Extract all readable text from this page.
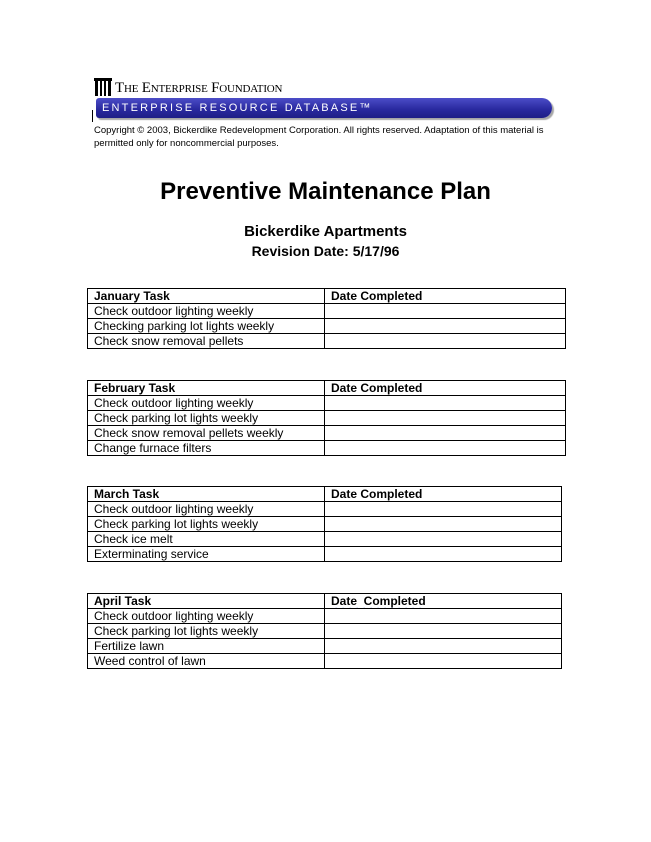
The Enterprise Foundation
ENTERPRISE RESOURCE DATABASE™
Copyright © 2003, Bickerdike Redevelopment Corporation. All rights reserved. Adaptation of this material is permitted only for noncommercial purposes.
Preventive Maintenance Plan
Bickerdike Apartments
Revision Date: 5/17/96
January Task	Date Completed
Check outdoor lighting weekly	
Checking parking lot lights weekly	
Check snow removal pellets	
February Task	Date Completed
Check outdoor lighting weekly	
Check parking lot lights weekly	
Check snow removal pellets weekly	
Change furnace filters	
March Task	Date Completed
Check outdoor lighting weekly	
Check parking lot lights weekly	
Check ice melt	
Exterminating service	
April Task	Date  Completed
Check outdoor lighting weekly	
Check parking lot lights weekly	
Fertilize lawn	
Weed control of lawn	
